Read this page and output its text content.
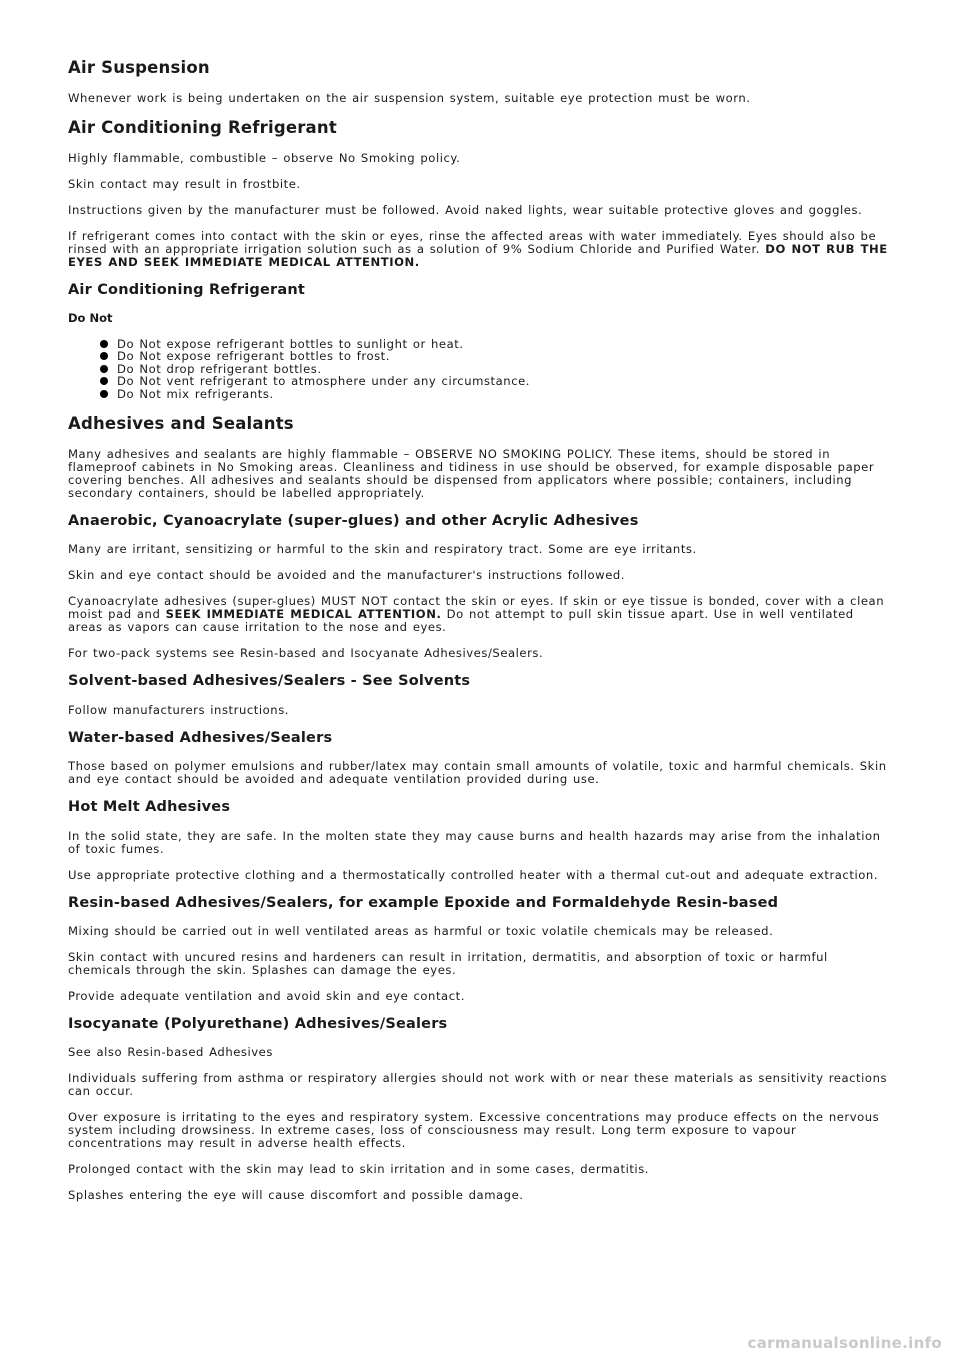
Air Suspension

Whenever work is being undertaken on the air suspension system, suitable eye protection must be worn.

Air Conditioning Refrigerant

Highly flammable, combustible – observe No Smoking policy.

Skin contact may result in frostbite.

Instructions given by the manufacturer must be followed. Avoid naked lights, wear suitable protective gloves and goggles.

If refrigerant comes into contact with the skin or eyes, rinse the affected areas with water immediately. Eyes should also be rinsed with an appropriate irrigation solution such as a solution of 9% Sodium Chloride and Purified Water. DO NOT RUB THE EYES AND SEEK IMMEDIATE MEDICAL ATTENTION.

Air Conditioning Refrigerant
Do Not
Do Not expose refrigerant bottles to sunlight or heat.
Do Not expose refrigerant bottles to frost.
Do Not drop refrigerant bottles.
Do Not vent refrigerant to atmosphere under any circumstance.
Do Not mix refrigerants.
Adhesives and Sealants

Many adhesives and sealants are highly flammable – OBSERVE NO SMOKING POLICY. These items, should be stored in flameproof cabinets in No Smoking areas. Cleanliness and tidiness in use should be observed, for example disposable paper covering benches. All adhesives and sealants should be dispensed from applicators where possible; containers, including secondary containers, should be labelled appropriately.

Anaerobic, Cyanoacrylate (super-glues) and other Acrylic Adhesives

Many are irritant, sensitizing or harmful to the skin and respiratory tract. Some are eye irritants.

Skin and eye contact should be avoided and the manufacturer's instructions followed.

Cyanoacrylate adhesives (super-glues) MUST NOT contact the skin or eyes. If skin or eye tissue is bonded, cover with a clean moist pad and SEEK IMMEDIATE MEDICAL ATTENTION. Do not attempt to pull skin tissue apart. Use in well ventilated areas as vapors can cause irritation to the nose and eyes.

For two-pack systems see Resin-based and Isocyanate Adhesives/Sealers.

Solvent-based Adhesives/Sealers - See Solvents

Follow manufacturers instructions.

Water-based Adhesives/Sealers

Those based on polymer emulsions and rubber/latex may contain small amounts of volatile, toxic and harmful chemicals. Skin and eye contact should be avoided and adequate ventilation provided during use.

Hot Melt Adhesives

In the solid state, they are safe. In the molten state they may cause burns and health hazards may arise from the inhalation of toxic fumes.

Use appropriate protective clothing and a thermostatically controlled heater with a thermal cut-out and adequate extraction.

Resin-based Adhesives/Sealers, for example Epoxide and Formaldehyde Resin-based

Mixing should be carried out in well ventilated areas as harmful or toxic volatile chemicals may be released.

Skin contact with uncured resins and hardeners can result in irritation, dermatitis, and absorption of toxic or harmful chemicals through the skin. Splashes can damage the eyes.

Provide adequate ventilation and avoid skin and eye contact.

Isocyanate (Polyurethane) Adhesives/Sealers

See also Resin-based Adhesives

Individuals suffering from asthma or respiratory allergies should not work with or near these materials as sensitivity reactions can occur.

Over exposure is irritating to the eyes and respiratory system. Excessive concentrations may produce effects on the nervous system including drowsiness. In extreme cases, loss of consciousness may result. Long term exposure to vapour concentrations may result in adverse health effects.

Prolonged contact with the skin may lead to skin irritation and in some cases, dermatitis.

Splashes entering the eye will cause discomfort and possible damage.

carmanualsonline.info
